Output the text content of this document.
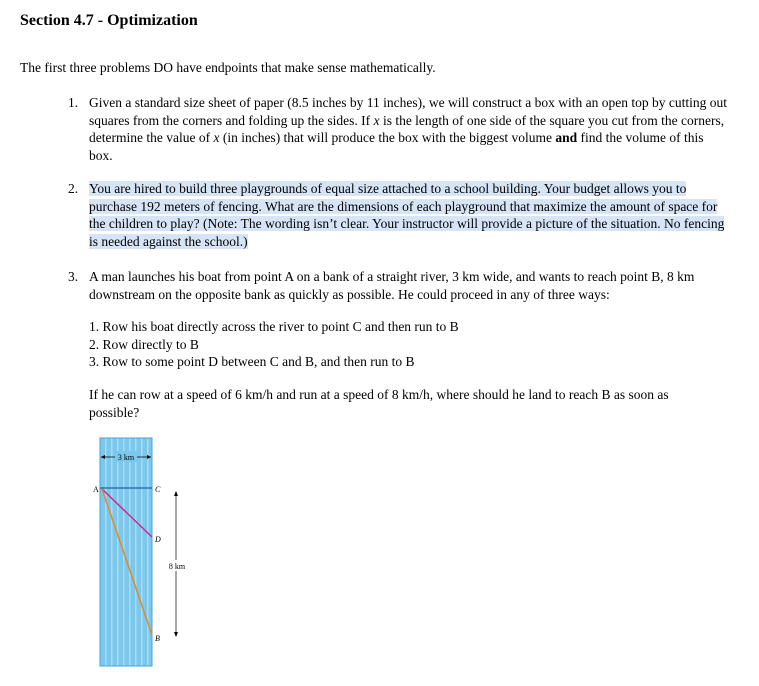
Section 4.7 - Optimization
The first three problems DO have endpoints that make sense mathematically.
1. Given a standard size sheet of paper (8.5 inches by 11 inches), we will construct a box with an open top by cutting out squares from the corners and folding up the sides. If x is the length of one side of the square you cut from the corners, determine the value of x (in inches) that will produce the box with the biggest volume and find the volume of this box.
2. You are hired to build three playgrounds of equal size attached to a school building. Your budget allows you to purchase 192 meters of fencing. What are the dimensions of each playground that maximize the amount of space for the children to play? (Note: The wording isn’t clear. Your instructor will provide a picture of the situation. No fencing is needed against the school.)
3. A man launches his boat from point A on a bank of a straight river, 3 km wide, and wants to reach point B, 8 km downstream on the opposite bank as quickly as possible. He could proceed in any of three ways:
1. Row his boat directly across the river to point C and then run to B
2. Row directly to B
3. Row to some point D between C and B, and then run to B
If he can row at a speed of 6 km/h and run at a speed of 8 km/h, where should he land to reach B as soon as possible?
3 km
A	C
D
B
8 km
